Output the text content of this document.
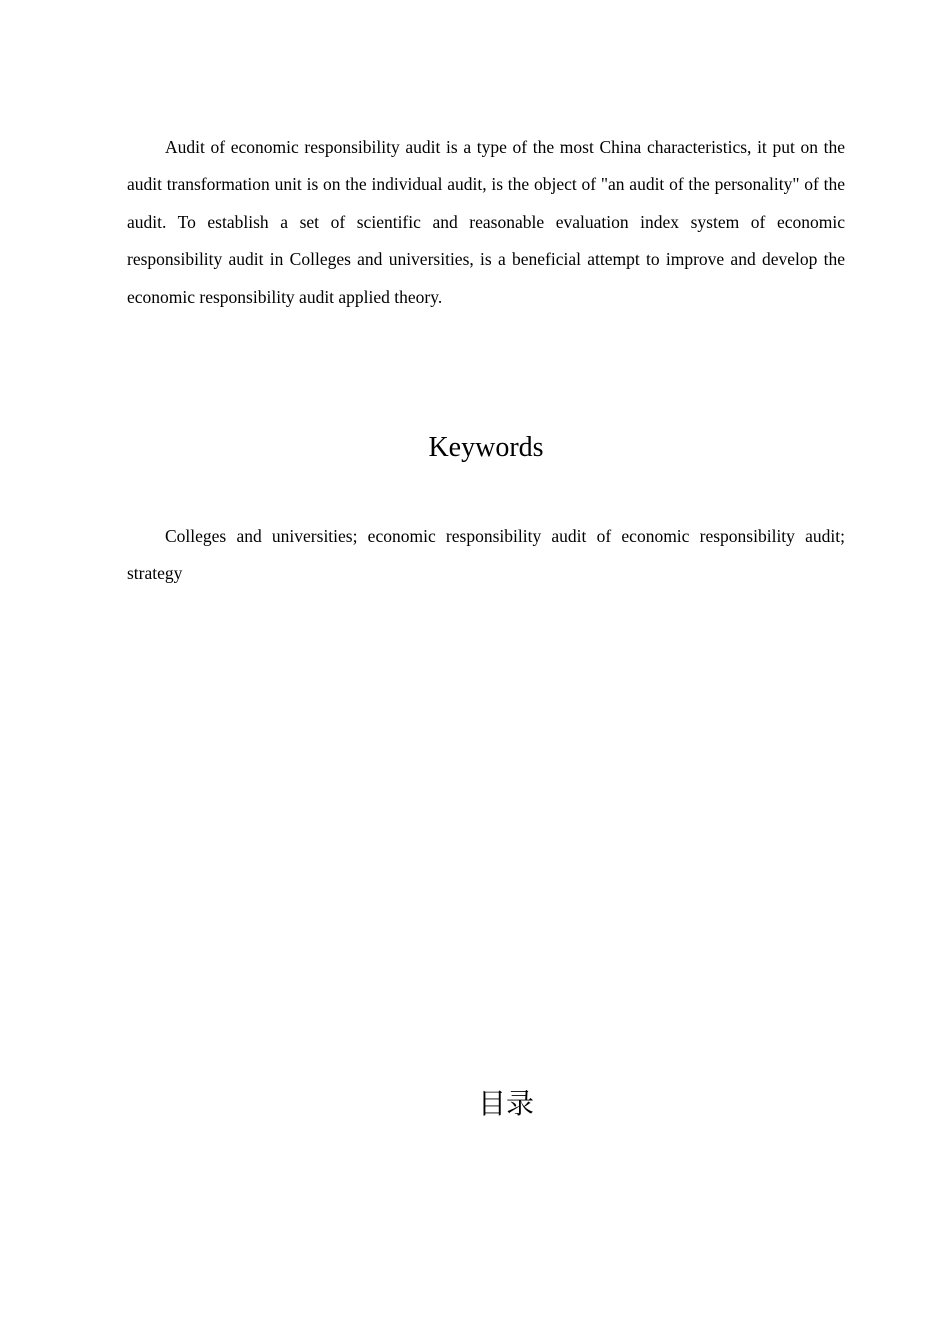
Audit of economic responsibility audit is a type of the most China characteristics, it put on the audit transformation unit is on the individual audit, is the object of "an audit of the personality" of the audit. To establish a set of scientific and reasonable evaluation index system of economic responsibility audit in Colleges and universities, is a beneficial attempt to improve and develop the economic responsibility audit applied theory.

Keywords

Colleges and universities; economic responsibility audit of economic responsibility audit; strategy

目录
